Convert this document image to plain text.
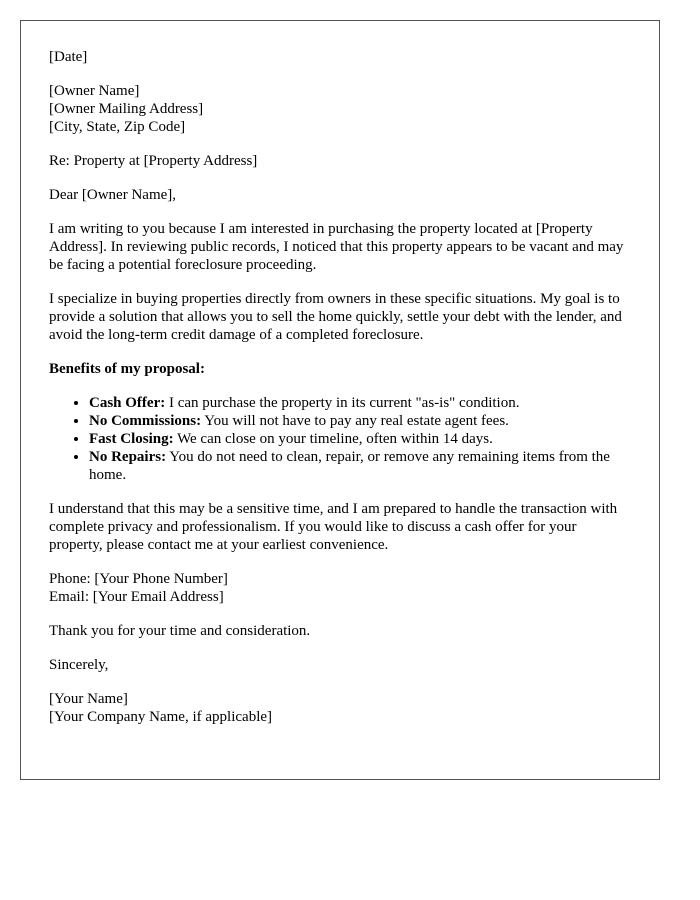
[Date]

[Owner Name]
[Owner Mailing Address]
[City, State, Zip Code]

Re: Property at [Property Address]

Dear [Owner Name],

I am writing to you because I am interested in purchasing the property located at [Property Address]. In reviewing public records, I noticed that this property appears to be vacant and may be facing a potential foreclosure proceeding.

I specialize in buying properties directly from owners in these specific situations. My goal is to provide a solution that allows you to sell the home quickly, settle your debt with the lender, and avoid the long-term credit damage of a completed foreclosure.

Benefits of my proposal:

• Cash Offer: I can purchase the property in its current "as-is" condition.
• No Commissions: You will not have to pay any real estate agent fees.
• Fast Closing: We can close on your timeline, often within 14 days.
• No Repairs: You do not need to clean, repair, or remove any remaining items from the home.

I understand that this may be a sensitive time, and I am prepared to handle the transaction with complete privacy and professionalism. If you would like to discuss a cash offer for your property, please contact me at your earliest convenience.

Phone: [Your Phone Number]
Email: [Your Email Address]

Thank you for your time and consideration.

Sincerely,

[Your Name]
[Your Company Name, if applicable]
